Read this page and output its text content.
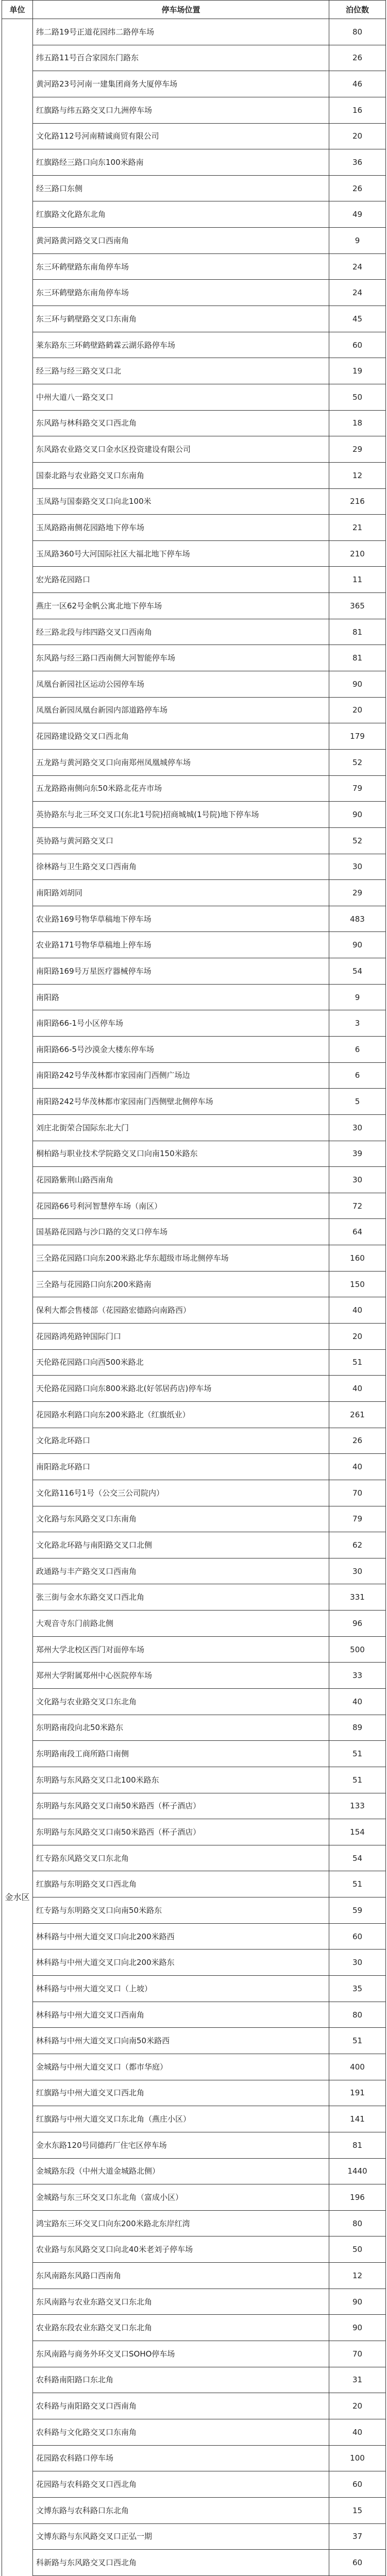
单位	停车场位置	泊位数
金水区	纬二路19号正道花园纬二路停车场	80
	纬五路11号百合家园东门路东	26
	黄河路23号河南一建集团商务大厦停车场	46
	红旗路与纬五路交叉口九洲停车场	16
	文化路112号河南精诚商贸有限公司	20
	红旗路经三路口向东100米路南	36
	经三路口东侧	26
	红旗路文化路东北角	49
	黄河路黄河路交叉口西南角	9
	东三环鹤壁路东南角停车场	24
	东三环鹤壁路东南角停车场	24
	东三环与鹤壁路交叉口东南角	45
	莱东路东三环鹤壁路鹤霖云湖乐路停车场	60
	经三路与经三路交叉口北	19
	中州大道八一路交叉口	50
	东风路与林科路交叉口西北角	18
	东风路农业路交叉口金水区投资建设有限公司	29
	国泰北路与农业路交叉口东南角	12
	玉凤路与国泰路交叉口向北100米	216
	玉凤路路南侧花园路地下停车场	21
	玉凤路360号大河国际社区大福北地下停车场	210
	宏光路花园路口	11
	燕庄一区62号金帆公寓北地下停车场	365
	经三路北段与纬四路交叉口西南角	81
	东风路与经三路口西南侧大河智能停车场	81
	凤凰台新园社区运动公园停车场	90
	凤凰台新园凤凰台新园内部道路停车场	20
	花园路建设路交叉口西北角	179
	五龙路与黄河路交叉口向南郑州凤凰城停车场	52
	五龙路路南侧向东50米路北花卉市场	79
	英协路东与北三环交叉口(东北1号院)招商城城(1号院)地下停车场	90
	英协路与黄河路交叉口	52
	徐林路与卫生路交叉口西南角	30
	南阳路刘胡同	29
	农业路169号物华草稿地下停车场	483
	农业路171号物华草稿地上停车场	90
	南阳路169号万星医疗器械停车场	54
	南阳路	9
	南阳路66-1号小区停车场	3
	南阳路66-5号沙漠金大楼东停车场	6
	南阳路242号华茂林都市家园南门西侧广场边	6
	南阳路242号华茂林都市家园南门西侧壁北侧停车场	5
	刘庄北街荣合国际东北大门	30
	桐柏路与职业技术学院路交叉口向南150米路东	39
	花园路紫荆山路西南角	30
	花园路66号利河智慧停车场（南区）	72
	国基路花园路与沙口路的交叉口停车场	64
	三全路花园路口向东200米路北华东超级市场北侧停车场	160
	三全路与花园路口向东200米路南	150
	保利大都会售楼部（花园路宏德路向南路西）	40
	花园路鸿苑路钟国际门口	20
	天伦路花园路口向西500米路北	51
	天伦路花园路口向东800米路北(好邻居药店)停车场	40
	花园路水利路口向东200米路北（红旗纸业）	261
	文化路北环路口	26
	南阳路北环路口	40
	文化路116号1号（公交三公司院内）	70
	文化路与东风路交叉口东南角	79
	文化路北环路与南阳路交叉口北侧	62
	政通路与丰产路交叉口西南角	30
	张三街与金水东路交叉口西北角	331
	大观音寺东门前路北侧	96
	郑州大学北校区西门对面停车场	500
	郑州大学附属郑州中心医院停车场	33
	文化路与农业路交叉口东北角	40
	东明路南段向北50米路东	89
	东明路南段工商所路口南侧	51
	东明路与东风路交叉口北100米路东	51
	东明路与东风路交叉口南50米路西（杯子酒店）	133
	东明路与东风路交叉口南50米路西（杯子酒店）	154
	红专路东风路交叉口东北角	54
	红旗路与东明路交叉口西北角	51
	红专路与东明路交叉口向南50米路东	59
	林科路与中州大道交叉口向北200米路西	60
	林科路与中州大道交叉口向北200米路东	30
	林科路与中州大道交叉口（上坡）	35
	林科路与中州大道交叉口西南角	80
	林科路与中州大道交叉口向南50米路西	51
	金城路与中州大道交叉口（都市华庭）	400
	红旗路与中州大道交叉口西北角	191
	红旗路与中州大道交叉口东北角（燕庄小区）	141
	金水东路120号同德药厂住宅区停车场	81
	金城路东段（中州大道金城路北侧）	1440
	金城路与东三环交叉口东北角（富成小区）	196
	鸿宝路东三环交叉口向东200米路北东岸红湾	80
	农业路与东风路交叉口向北40米老刘子停车场	50
	东风南路东风路口西南角	12
	东风南路与农业东路交叉口东北角	90
	农业路东段农业东路交叉口东北角	90
	东风南路与商务外环交叉口SOHO停车场	70
	农科路南阳路口东北角	31
	农科路与南阳路交叉口西南角	20
	农科路与文化路交叉口东南角	40
	花园路农科路口停车场	100
	花园路与农科路交叉口西北角	60
	文博东路与农科路口东北角	15
	文博东路与东风路交叉口正弘一期	37
	科新路与东风路交叉口西北角	60
